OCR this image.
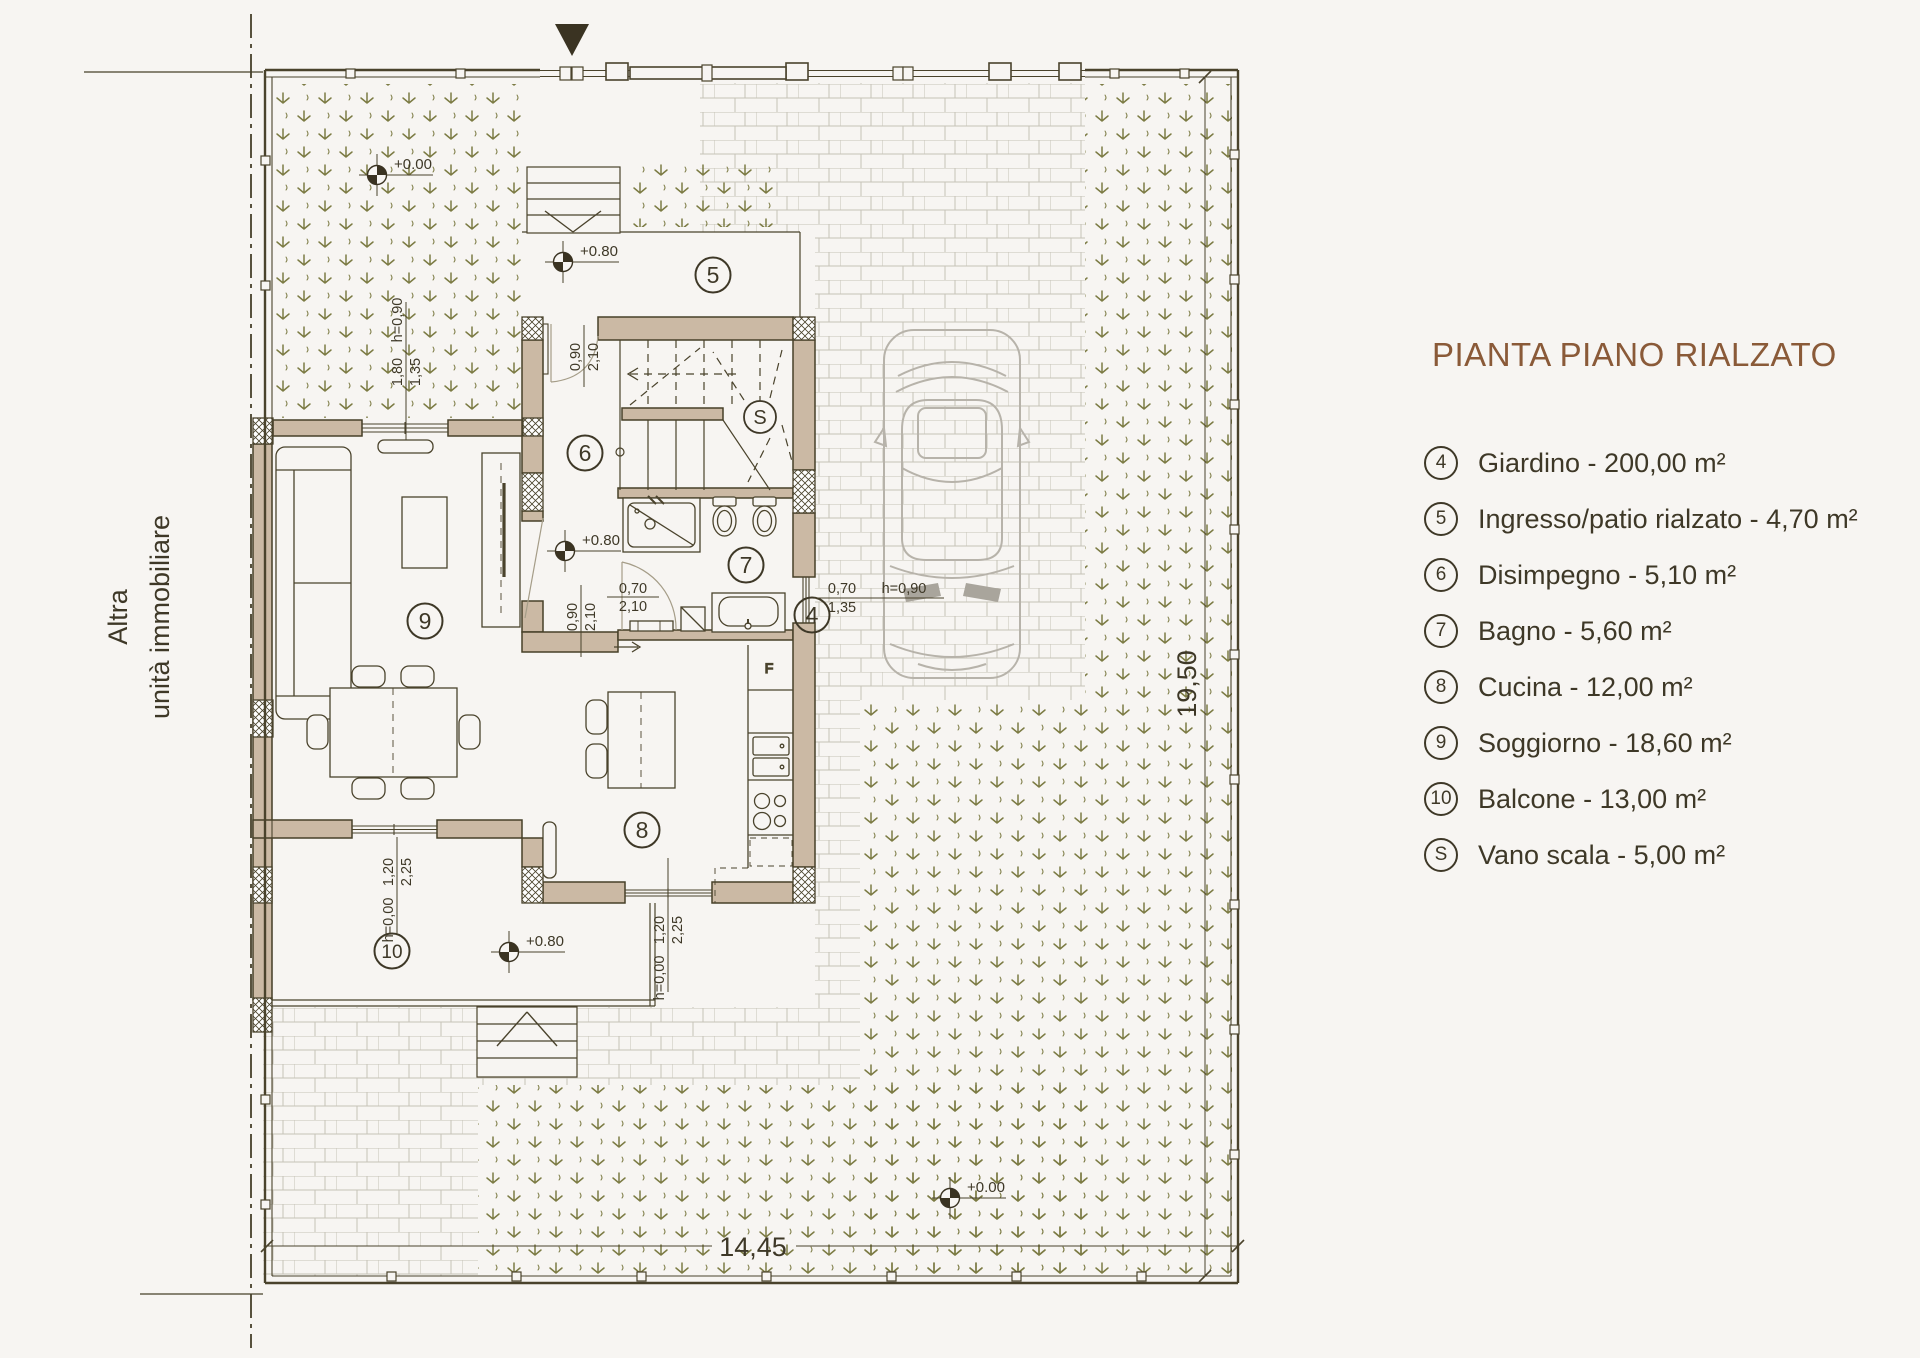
S
F
+0.00
+0.80
+0.80
+0.80
+0.00
4
5
6
7
8
9
10
1,80 1,35
h=0,90
0,90 2,10
0,90 2,10
0,70
2,10
0,70 h=0,90
1,35
1,20 2,25
h=0,00	1,20 2,25
h=0,00
14,45
19,50
PIANTA PIANO RIALZATO
4	Giardino - 200,00 m²
5	Ingresso/patio rialzato - 4,70 m²
6	Disimpegno - 5,10 m²
7	Bagno - 5,60 m²
8	Cucina - 12,00 m²
9	Soggiorno - 18,60 m²
10 Balcone - 13,00 m²
S	Vano scala - 5,00 m²
Altra unità immobiliare
